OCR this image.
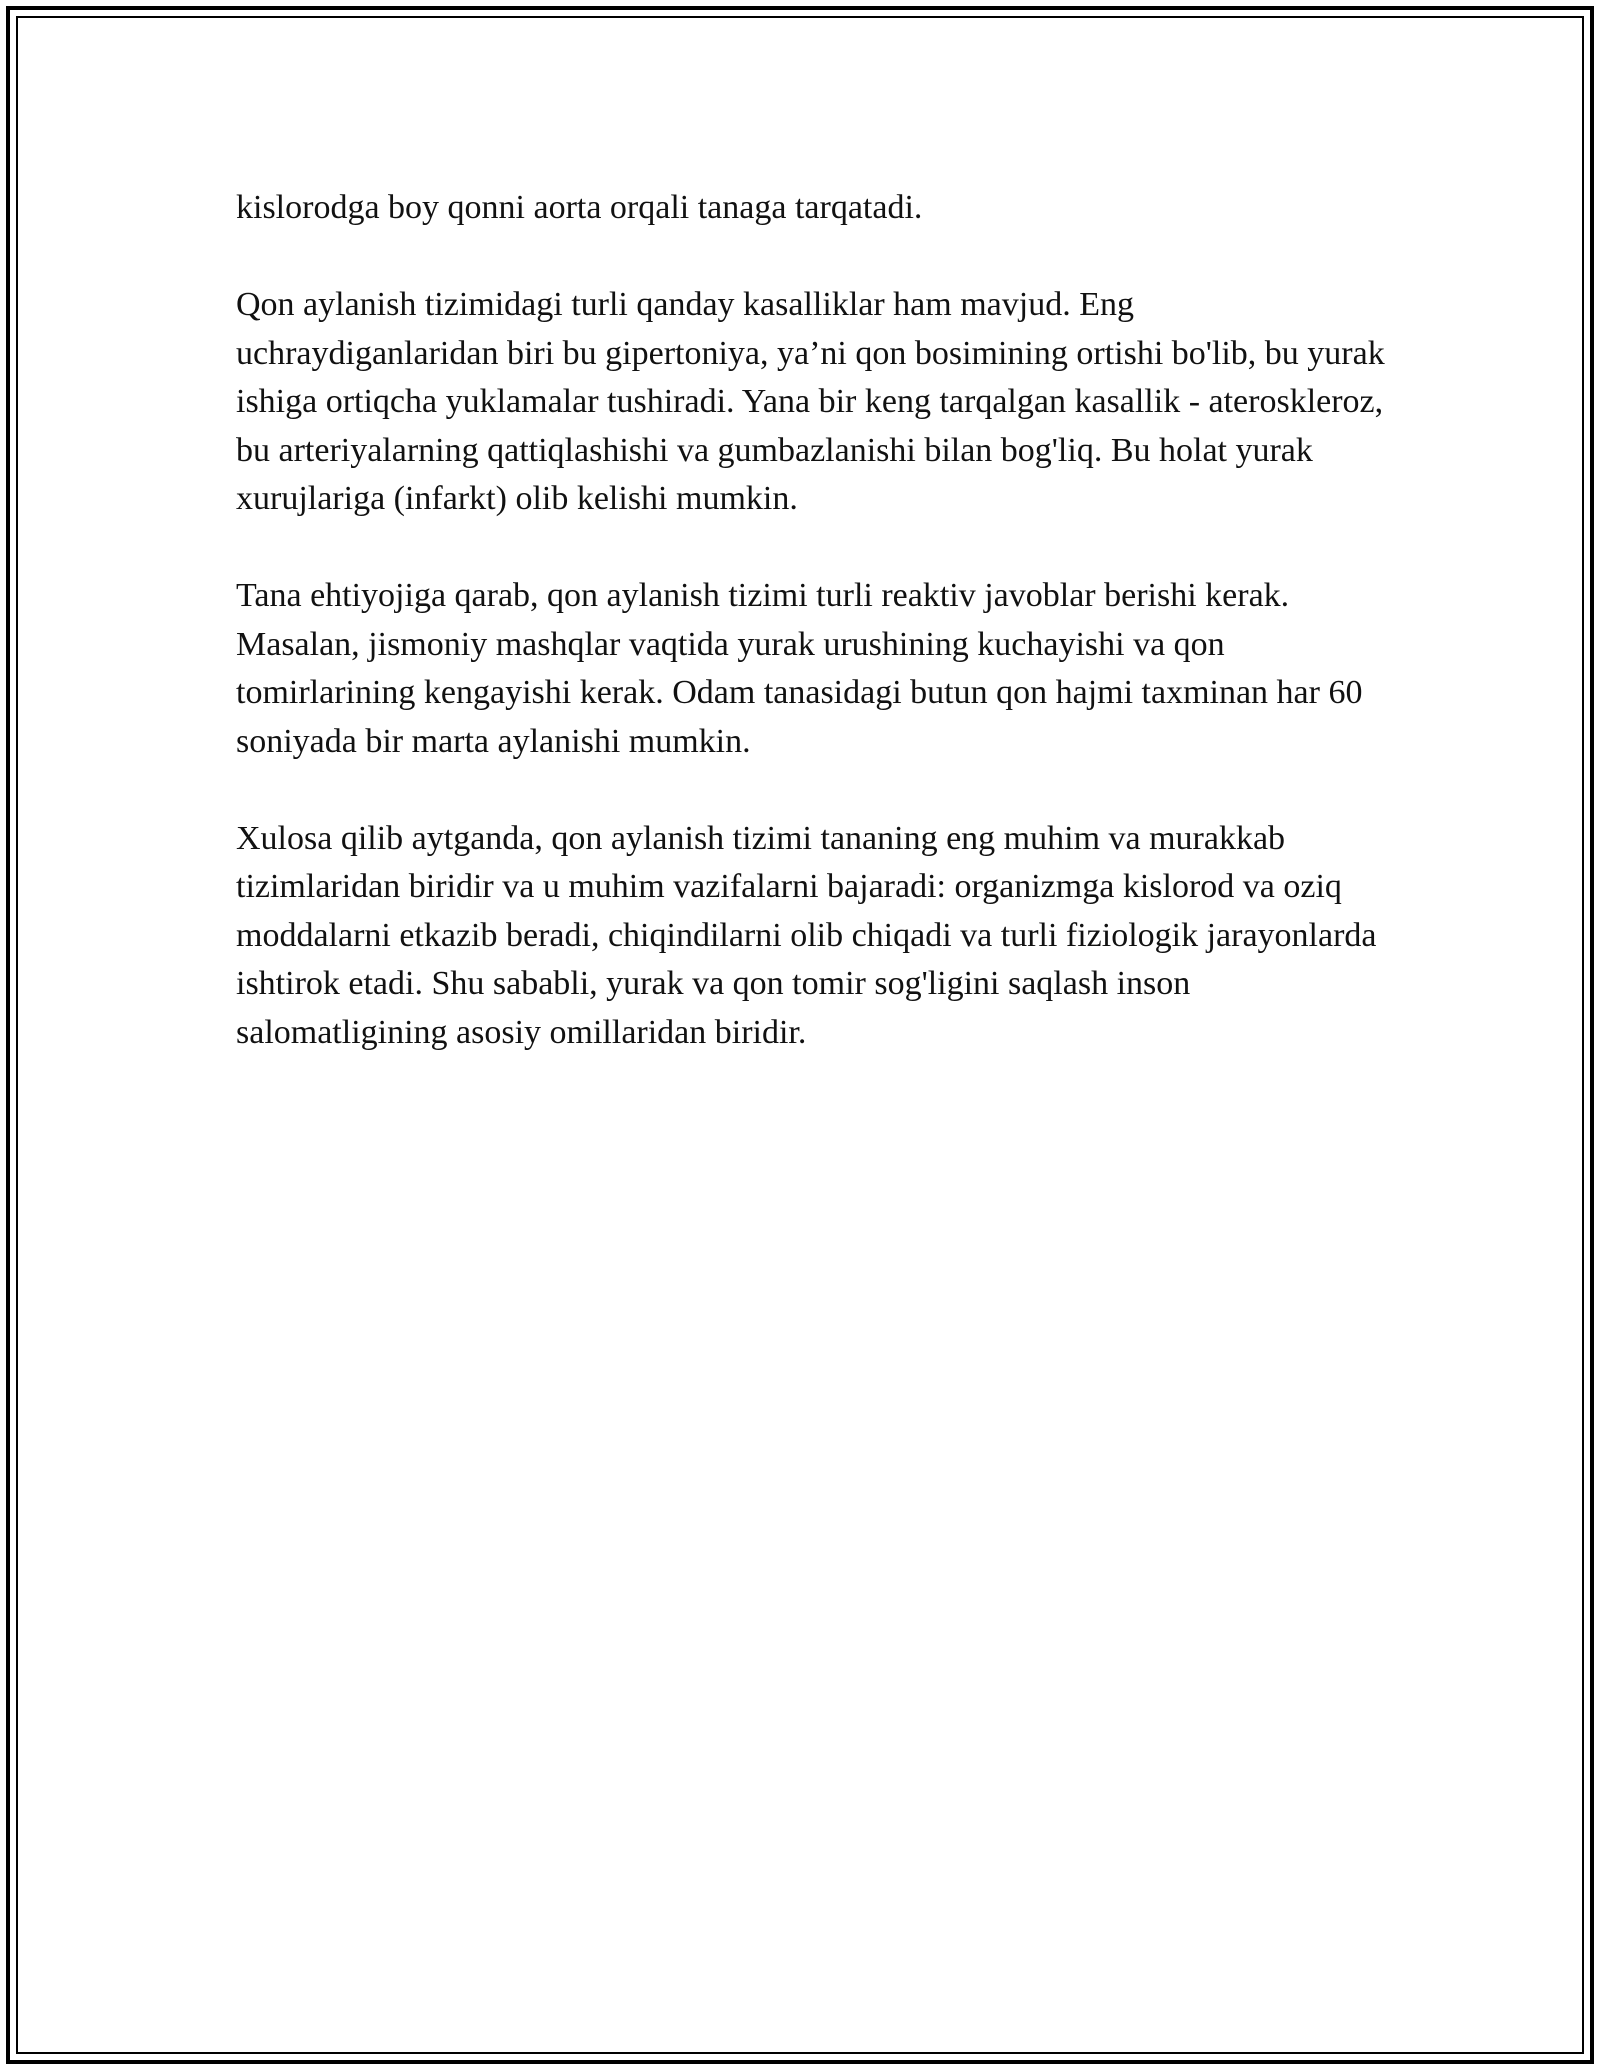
kislorodga boy qonni aorta orqali tanaga tarqatadi.

Qon aylanish tizimidagi turli qanday kasalliklar ham mavjud. Eng uchraydiganlaridan biri bu gipertoniya, ya’ni qon bosimining ortishi bo'lib, bu yurak ishiga ortiqcha yuklamalar tushiradi. Yana bir keng tarqalgan kasallik - ateroskleroz, bu arteriyalarning qattiqlashishi va gumbazlanishi bilan bog'liq. Bu holat yurak xurujlariga (infarkt) olib kelishi mumkin.

Tana ehtiyojiga qarab, qon aylanish tizimi turli reaktiv javoblar berishi kerak. Masalan, jismoniy mashqlar vaqtida yurak urushining kuchayishi va qon tomirlarining kengayishi kerak. Odam tanasidagi butun qon hajmi taxminan har 60 soniyada bir marta aylanishi mumkin.

Xulosa qilib aytganda, qon aylanish tizimi tananing eng muhim va murakkab tizimlaridan biridir va u muhim vazifalarni bajaradi: organizmga kislorod va oziq moddalarni etkazib beradi, chiqindilarni olib chiqadi va turli fiziologik jarayonlarda ishtirok etadi. Shu sababli, yurak va qon tomir sog'ligini saqlash inson salomatligining asosiy omillaridan biridir.
